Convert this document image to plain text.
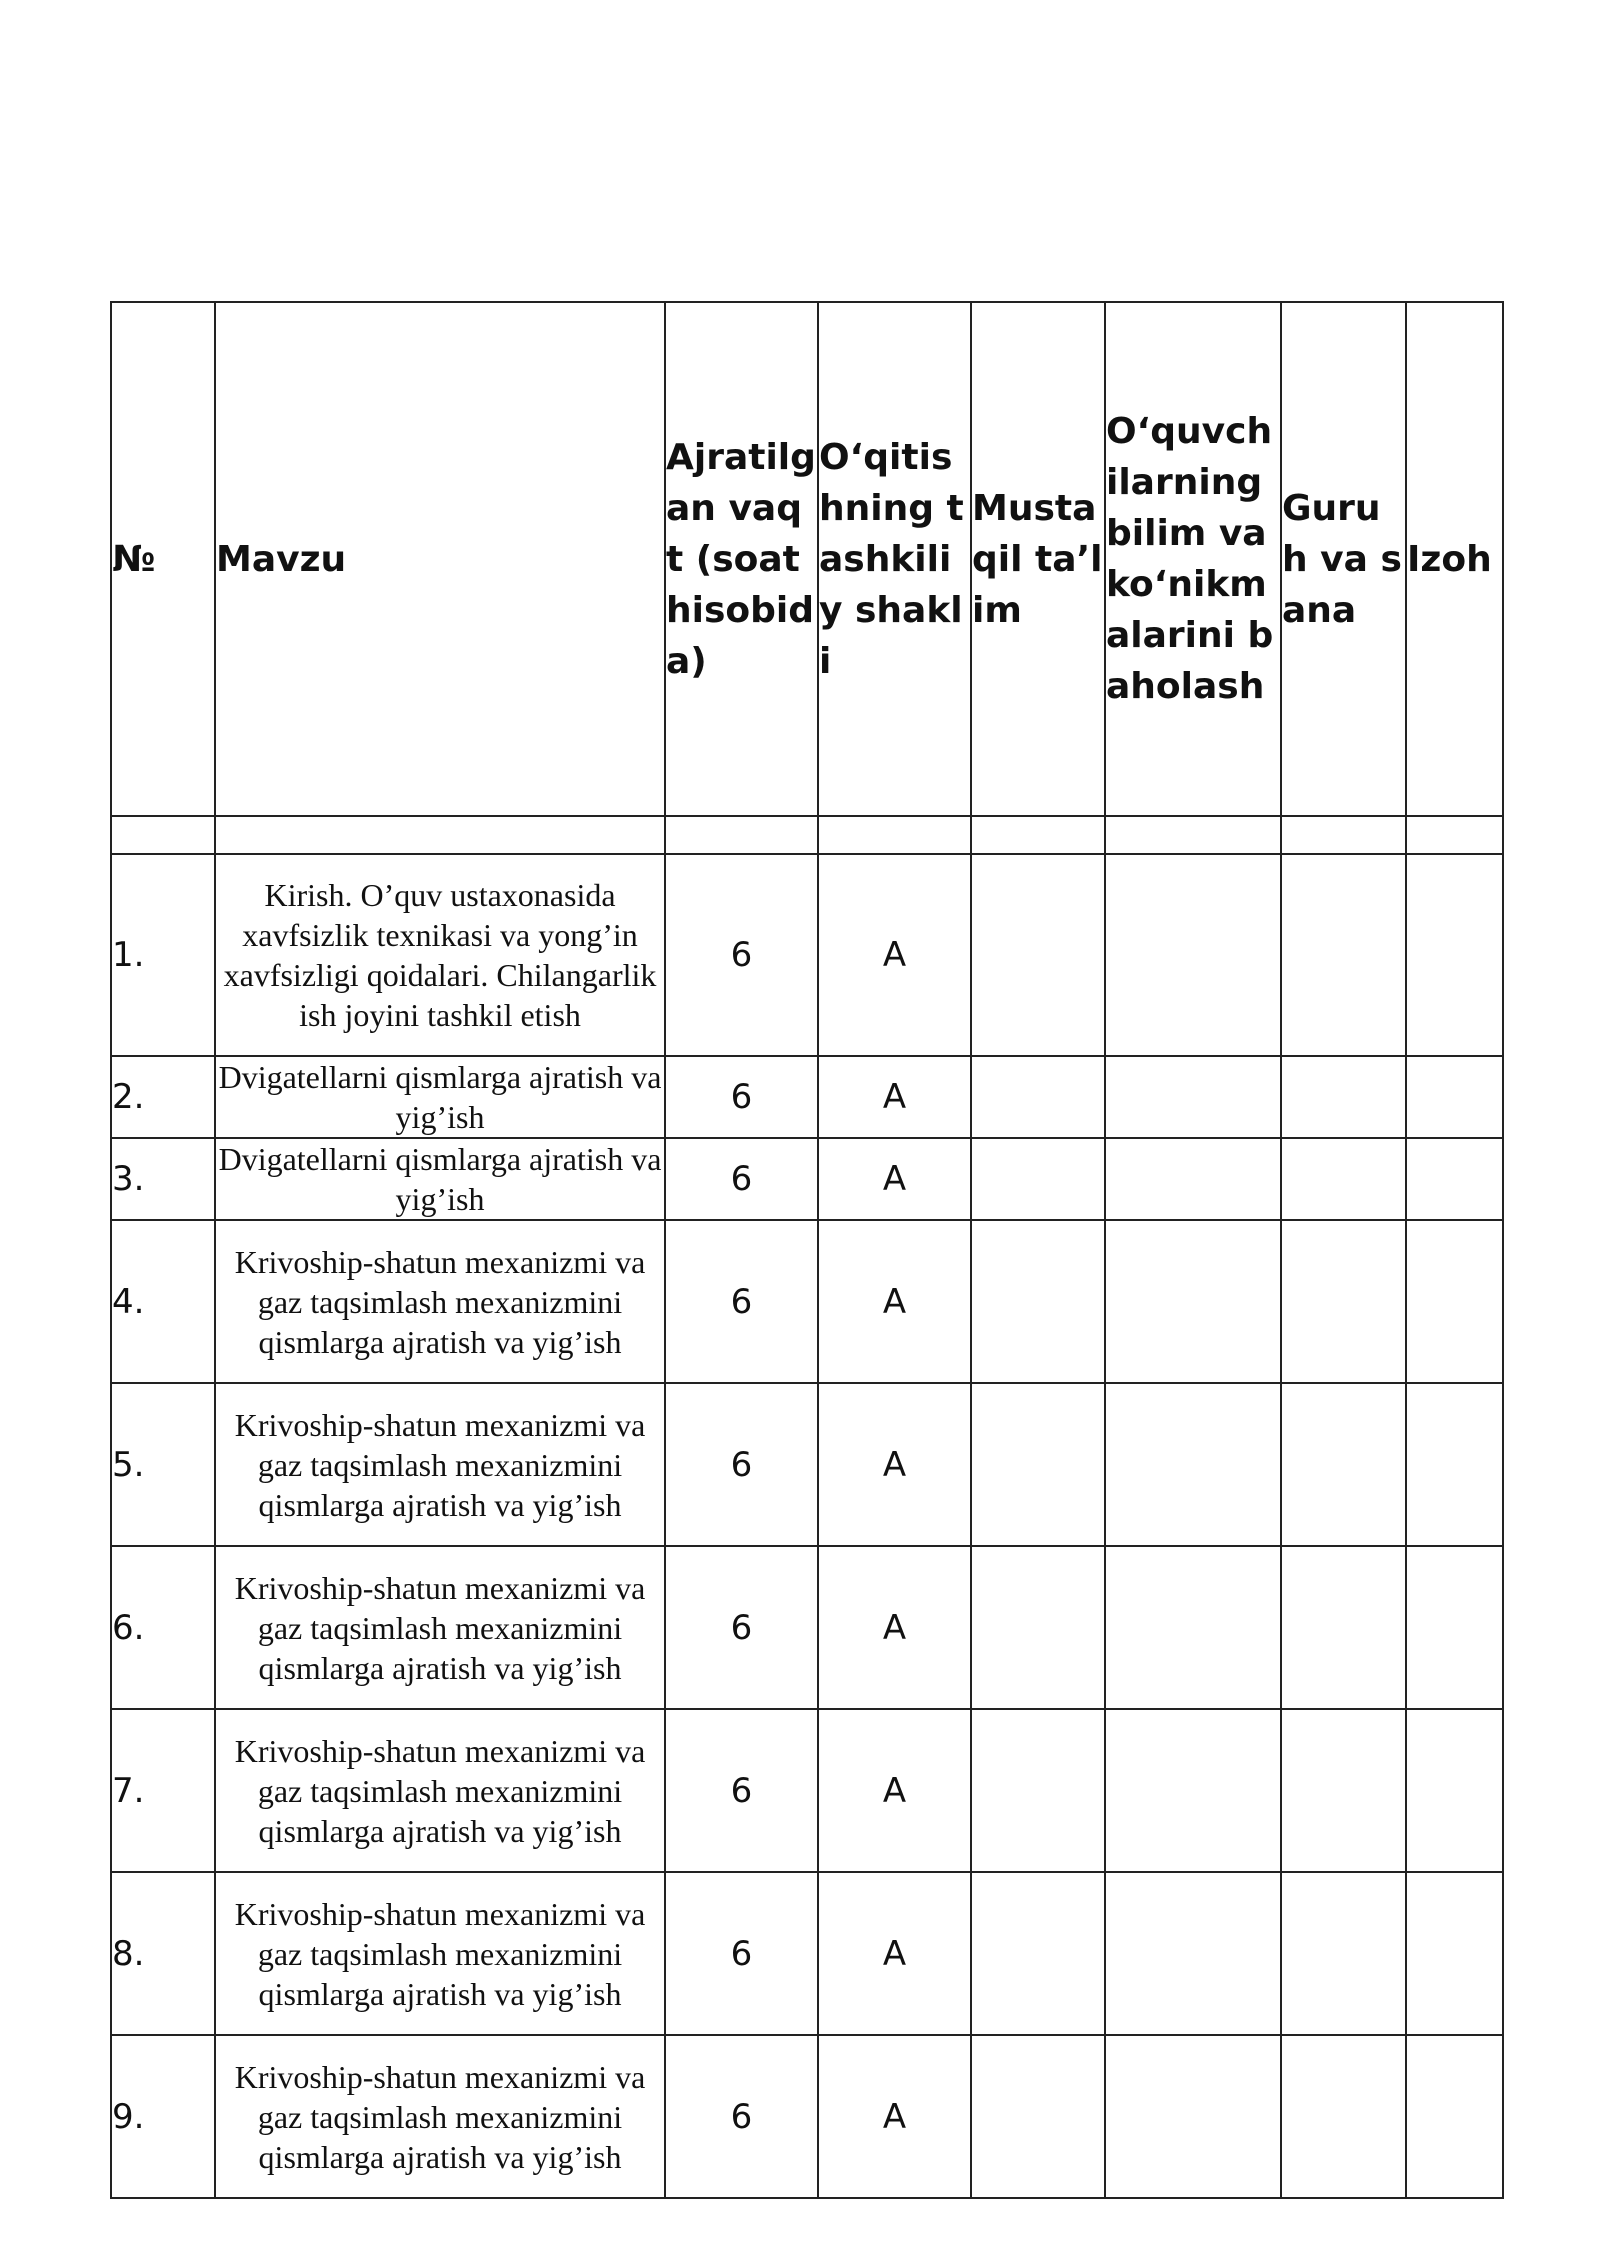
№	Mavzu	Ajratilgan vaqt (soat hisobida)	O‘qitishning tashkiliy shakli	Mustaqil ta’lim	O‘quvchilarning bilim va ko‘nikmalarini baholash	Guruh va sana	Izoh

1.	Kirish. O’quv ustaxonasida xavfsizlik texnikasi va yong’in xavfsizligi qoidalari. Chilangarlik ish joyini tashkil etish	6	A				
2.	Dvigatellarni qismlarga ajratish va yig’ish	6	A				
3.	Dvigatellarni qismlarga ajratish va yig’ish	6	A				
4.	Krivoship-shatun mexanizmi va gaz taqsimlash mexanizmini qismlarga ajratish va yig’ish	6	A				
5.	Krivoship-shatun mexanizmi va gaz taqsimlash mexanizmini qismlarga ajratish va yig’ish	6	A				
6.	Krivoship-shatun mexanizmi va gaz taqsimlash mexanizmini qismlarga ajratish va yig’ish	6	A				
7.	Krivoship-shatun mexanizmi va gaz taqsimlash mexanizmini qismlarga ajratish va yig’ish	6	A				
8.	Krivoship-shatun mexanizmi va gaz taqsimlash mexanizmini qismlarga ajratish va yig’ish	6	A				
9.	Krivoship-shatun mexanizmi va gaz taqsimlash mexanizmini qismlarga ajratish va yig’ish	6	A				
